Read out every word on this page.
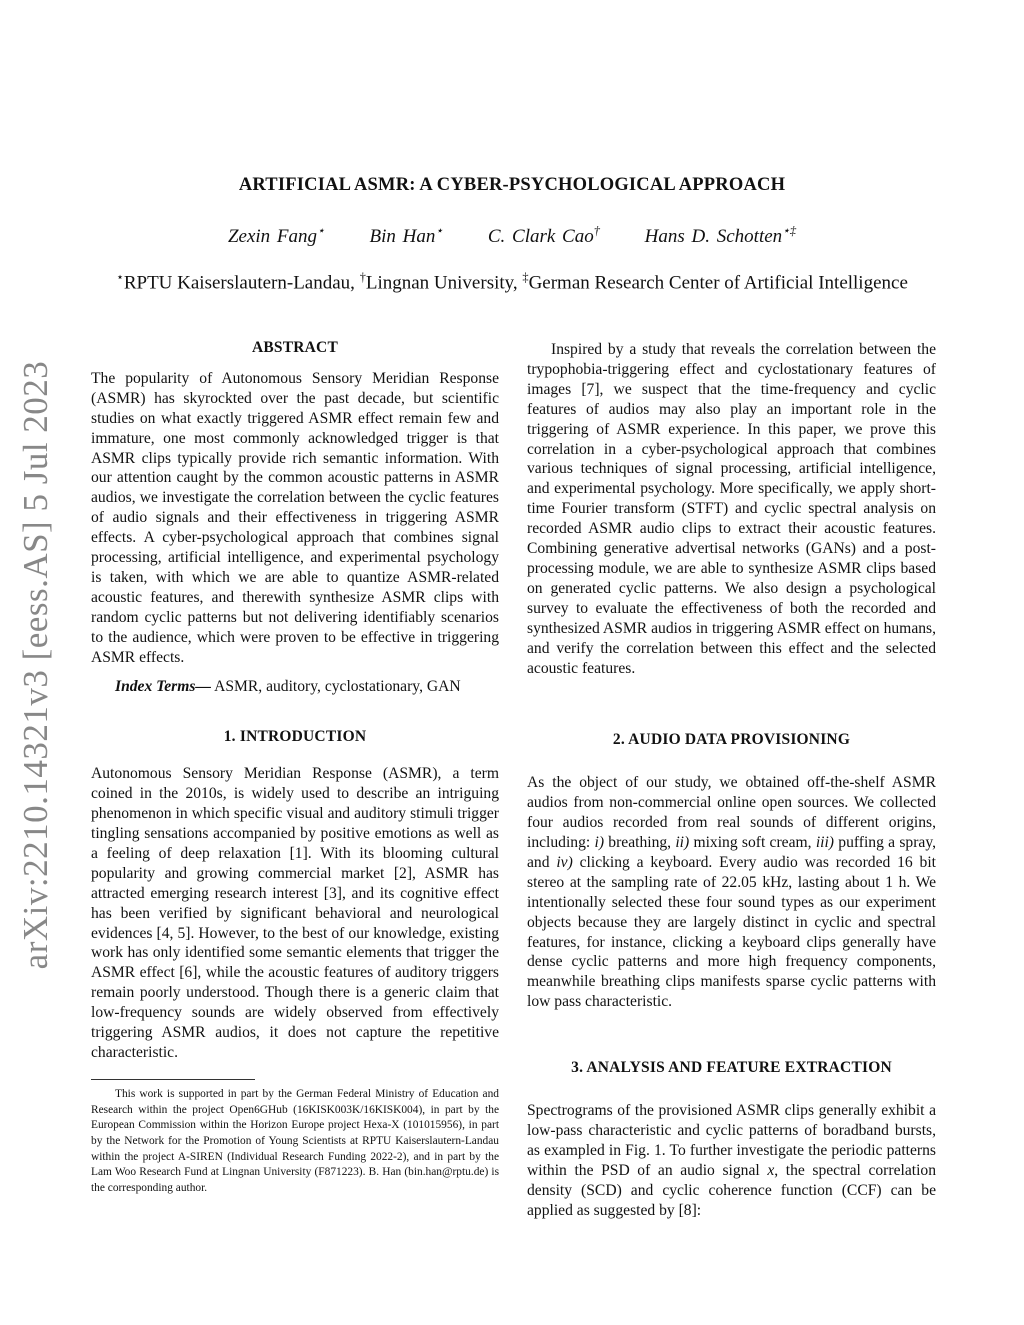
arXiv:2210.14321v3 [eess.AS] 5 Jul 2023
ARTIFICIAL ASMR: A CYBER-PSYCHOLOGICAL APPROACH
Zexin Fang⋆ Bin Han⋆ C. Clark Cao† Hans D. Schotten⋆‡
⋆RPTU Kaiserslautern-Landau, †Lingnan University, ‡German Research Center of Artificial Intelligence

ABSTRACT

The popularity of Autonomous Sensory Meridian Response (ASMR) has skyrockted over the past decade, but scientific studies on what exactly triggered ASMR effect remain few and immature, one most commonly acknowledged trigger is that ASMR clips typically provide rich semantic information. With our attention caught by the common acoustic patterns in ASMR audios, we investigate the correlation between the cyclic features of audio signals and their effectiveness in triggering ASMR effects. A cyber-psychological approach that combines signal processing, artificial intelligence, and experimental psychology is taken, with which we are able to quantize ASMR-related acoustic features, and therewith synthesize ASMR clips with random cyclic patterns but not delivering identifiably scenarios to the audience, which were proven to be effective in triggering ASMR effects.

Index Terms— ASMR, auditory, cyclostationary, GAN

1. INTRODUCTION

Autonomous Sensory Meridian Response (ASMR), a term coined in the 2010s, is widely used to describe an intriguing phenomenon in which specific visual and auditory stimuli trigger tingling sensations accompanied by positive emotions as well as a feeling of deep relaxation [1]. With its blooming cultural popularity and growing commercial market [2], ASMR has attracted emerging research interest [3], and its cognitive effect has been verified by significant behavioral and neurological evidences [4, 5]. However, to the best of our knowledge, existing work has only identified some semantic elements that trigger the ASMR effect [6], while the acoustic features of auditory triggers remain poorly understood. Though there is a generic claim that low-frequency sounds are widely observed from effectively triggering ASMR audios, it does not capture the repetitive characteristic.

This work is supported in part by the German Federal Ministry of Education and Research within the project Open6GHub (16KISK003K/16KISK004), in part by the European Commission within the Horizon Europe project Hexa-X (101015956), in part by the Network for the Promotion of Young Scientists at RPTU Kaiserslautern-Landau within the project A-SIREN (Individual Research Funding 2022-2), and in part by the Lam Woo Research Fund at Lingnan University (F871223). B. Han (bin.han@rptu.de) is the corresponding author.

Inspired by a study that reveals the correlation between the trypophobia-triggering effect and cyclostationary features of images [7], we suspect that the time-frequency and cyclic features of audios may also play an important role in the triggering of ASMR experience. In this paper, we prove this correlation in a cyber-psychological approach that combines various techniques of signal processing, artificial intelligence, and experimental psychology. More specifically, we apply short-time Fourier transform (STFT) and cyclic spectral analysis on recorded ASMR audio clips to extract their acoustic features. Combining generative advertisal networks (GANs) and a post-processing module, we are able to synthesize ASMR clips based on generated cyclic patterns. We also design a psychological survey to evaluate the effectiveness of both the recorded and synthesized ASMR audios in triggering ASMR effect on humans, and verify the correlation between this effect and the selected acoustic features.

2. AUDIO DATA PROVISIONING

As the object of our study, we obtained off-the-shelf ASMR audios from non-commercial online open sources. We collected four audios recorded from real sounds of different origins, including: i) breathing, ii) mixing soft cream, iii) puffing a spray, and iv) clicking a keyboard. Every audio was recorded 16 bit stereo at the sampling rate of 22.05 kHz, lasting about 1 h. We intentionally selected these four sound types as our experiment objects because they are largely distinct in cyclic and spectral features, for instance, clicking a keyboard clips generally have dense cyclic patterns and more high frequency components, meanwhile breathing clips manifests sparse cyclic patterns with low pass characteristic.

3. ANALYSIS AND FEATURE EXTRACTION

Spectrograms of the provisioned ASMR clips generally exhibit a low-pass characteristic and cyclic patterns of boradband bursts, as exampled in Fig. 1. To further investigate the periodic patterns within the PSD of an audio signal x, the spectral correlation density (SCD) and cyclic coherence function (CCF) can be applied as suggested by [8]:
